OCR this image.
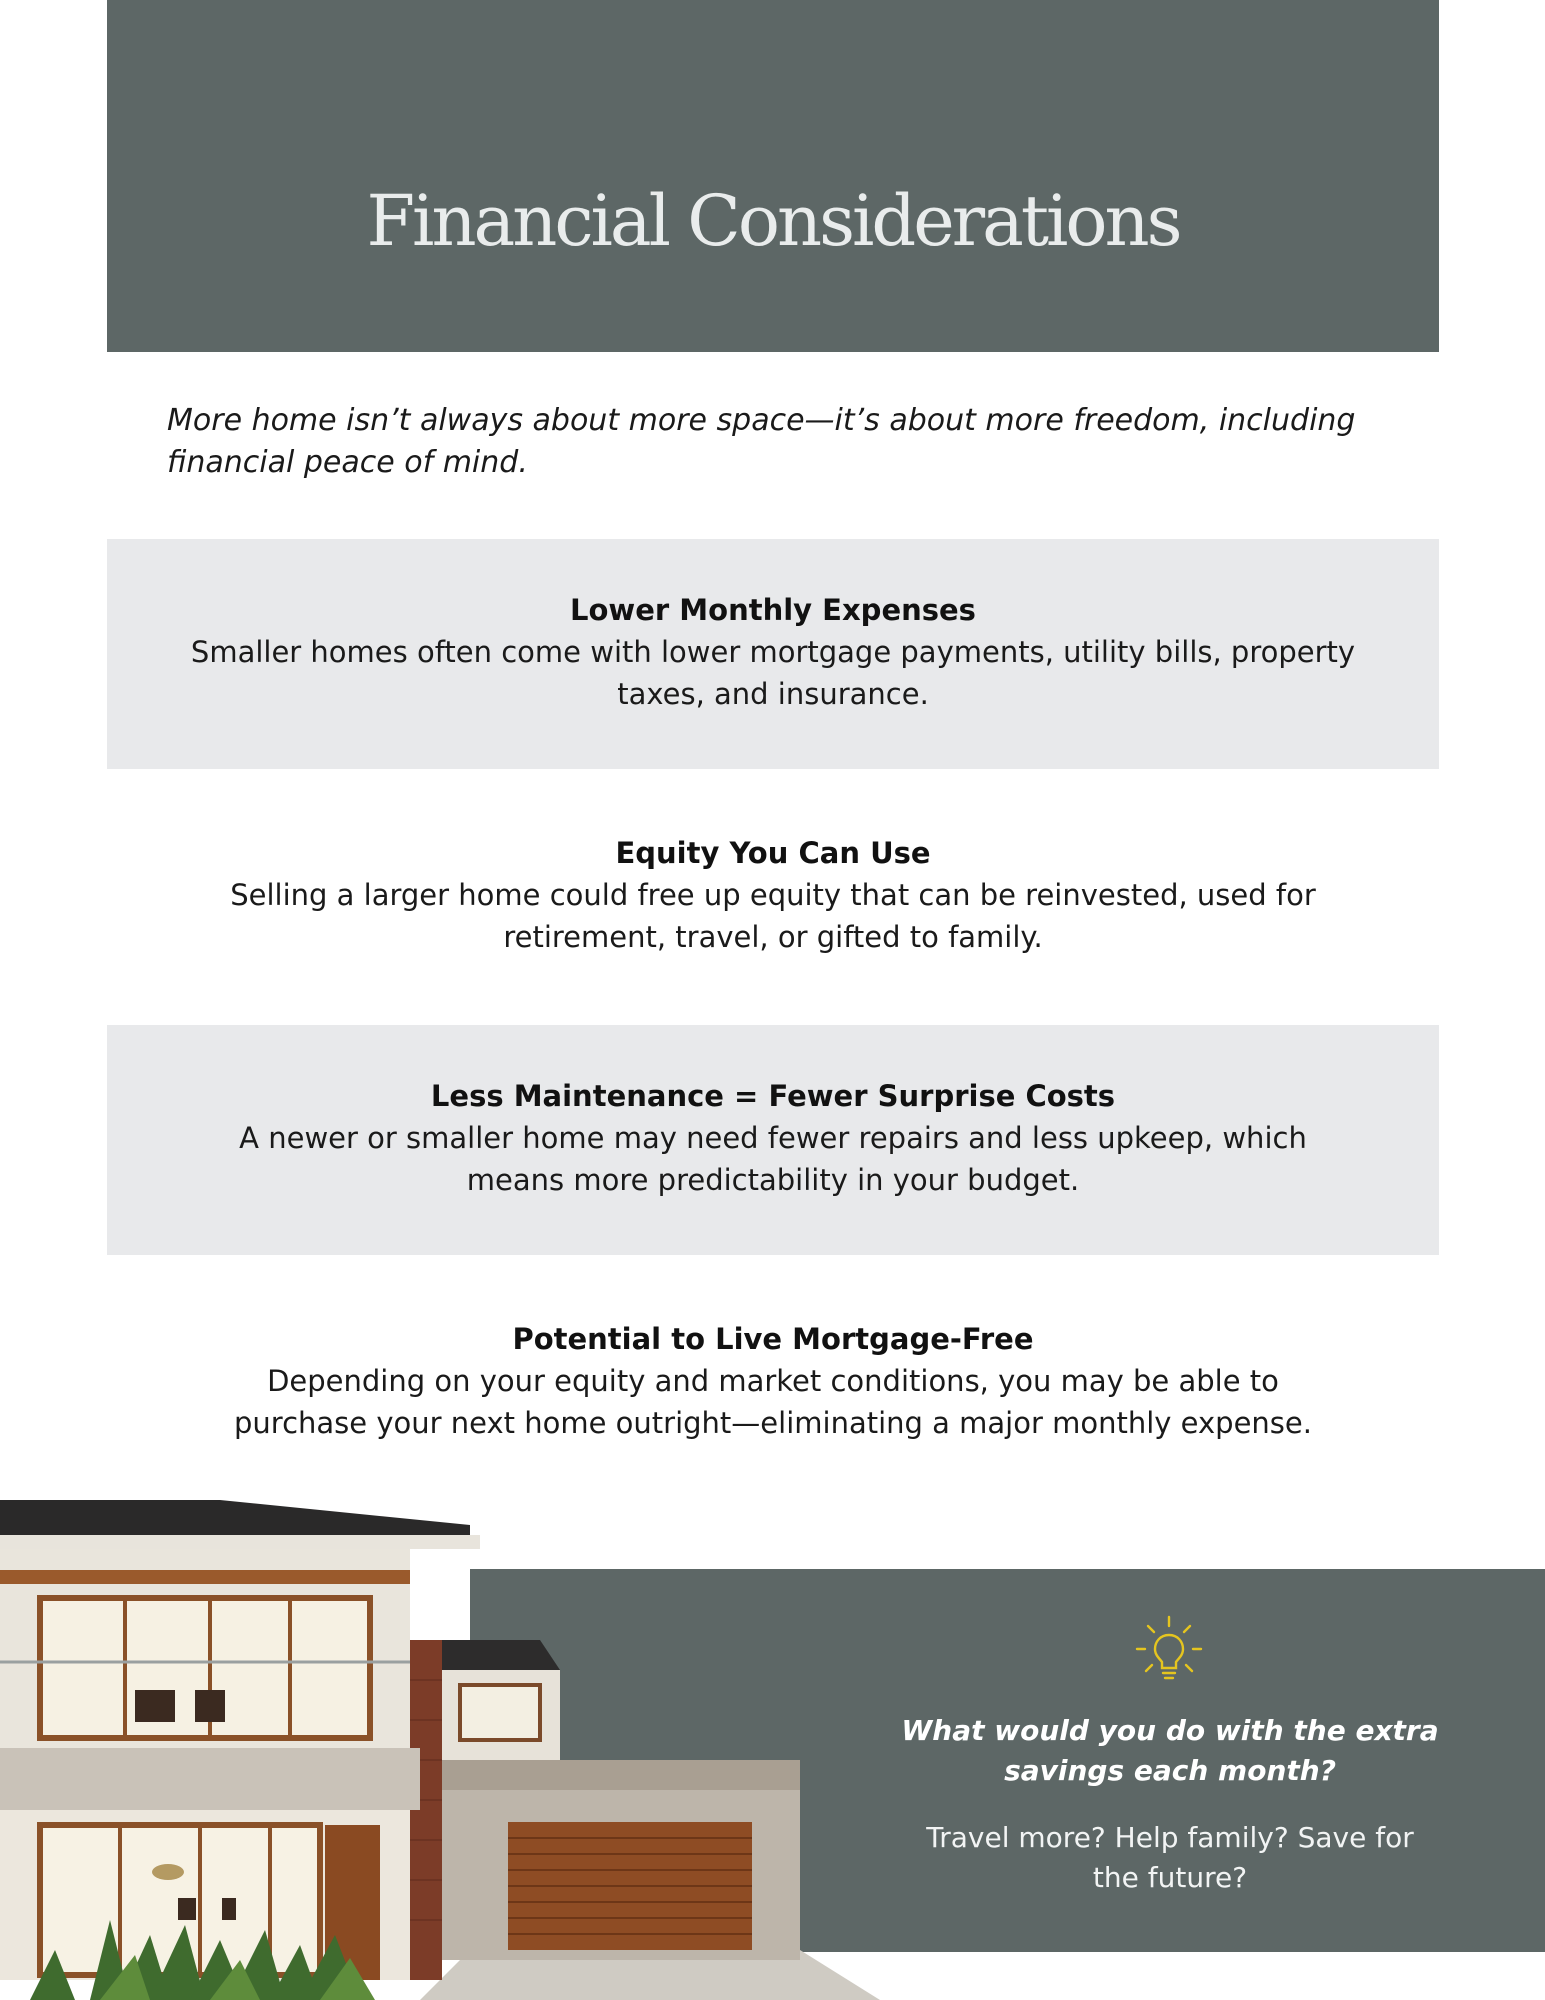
Financial Considerations
More home isn’t always about more space—it’s about more freedom, including financial peace of mind.
Lower Monthly Expenses

Smaller homes often come with lower mortgage payments, utility bills, property

taxes, and insurance.

Equity You Can Use

Selling a larger home could free up equity that can be reinvested, used for

retirement, travel, or gifted to family.

Less Maintenance = Fewer Surprise Costs

A newer or smaller home may need fewer repairs and less upkeep, which

means more predictability in your budget.

Potential to Live Mortgage-Free

Depending on your equity and market conditions, you may be able to

purchase your next home outright—eliminating a major monthly expense.

What would you do with the extra
savings each month?
Travel more? Help family? Save for
the future?
